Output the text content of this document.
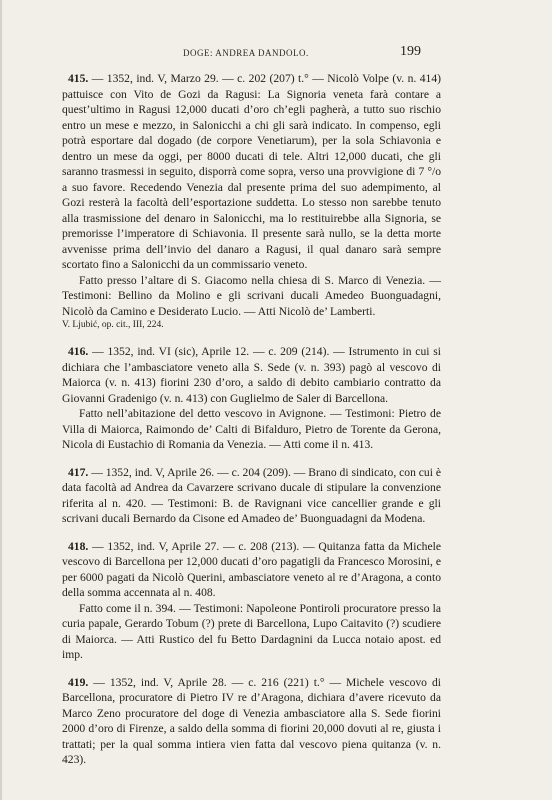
DOGE: ANDREA DANDOLO.	199

415. — 1352, ind. V, Marzo 29. — c. 202 (207) t.° — Nicolò Volpe (v. n. 414) pattuisce con Vito de Gozi da Ragusi: La Signoria veneta farà contare a quest’ultimo in Ragusi 12,000 ducati d’oro ch’egli pagherà, a tutto suo rischio entro un mese e mezzo, in Salonicchi a chi gli sarà indicato. In compenso, egli potrà esportare dal dogado (de corpore Venetiarum), per la sola Schiavonia e dentro un mese da oggi, per 8000 ducati di tele. Altri 12,000 ducati, che gli saranno trasmessi in seguito, disporrà come sopra, verso una provvigione di 7 °/o a suo favore. Recedendo Venezia dal presente prima del suo adempimento, al Gozi resterà la facoltà dell’esportazione suddetta. Lo stesso non sarebbe tenuto alla trasmissione del denaro in Salonicchi, ma lo restituirebbe alla Signoria, se premorisse l’imperatore di Schiavonia. Il presente sarà nullo, se la detta morte avvenisse prima dell’invio del danaro a Ragusi, il qual danaro sarà sempre scortato fino a Salonicchi da un commissario veneto.

Fatto presso l’altare di S. Giacomo nella chiesa di S. Marco di Venezia. — Testimoni: Bellino da Molino e gli scrivani ducali Amedeo Buonguadagni, Nicolò da Camino e Desiderato Lucio. — Atti Nicolò de’ Lamberti.

V. Ljubić, op. cit., III, 224.

416. — 1352, ind. VI (sic), Aprile 12. — c. 209 (214). — Istrumento in cui si dichiara che l’ambasciatore veneto alla S. Sede (v. n. 393) pagò al vescovo di Maiorca (v. n. 413) fiorini 230 d’oro, a saldo di debito cambiario contratto da Giovanni Gradenigo (v. n. 413) con Guglielmo de Saler di Barcellona.

Fatto nell’abitazione del detto vescovo in Avignone. — Testimoni: Pietro de Villa di Maiorca, Raimondo de’ Calti di Bifalduro, Pietro de Torente da Gerona, Nicola di Eustachio di Romania da Venezia. — Atti come il n. 413.

417. — 1352, ind. V, Aprile 26. — c. 204 (209). — Brano di sindicato, con cui è data facoltà ad Andrea da Cavarzere scrivano ducale di stipulare la convenzione riferita al n. 420. — Testimoni: B. de Ravignani vice cancellier grande e gli scrivani ducali Bernardo da Cisone ed Amadeo de’ Buonguadagni da Modena.

418. — 1352, ind. V, Aprile 27. — c. 208 (213). — Quitanza fatta da Michele vescovo di Barcellona per 12,000 ducati d’oro pagatigli da Francesco Morosini, e per 6000 pagati da Nicolò Querini, ambasciatore veneto al re d’Aragona, a conto della somma accennata al n. 408.

Fatto come il n. 394. — Testimoni: Napoleone Pontiroli procuratore presso la curia papale, Gerardo Tobum (?) prete di Barcellona, Lupo Caitavito (?) scudiere di Maiorca. — Atti Rustico del fu Betto Dardagnini da Lucca notaio apost. ed imp.

419. — 1352, ind. V, Aprile 28. — c. 216 (221) t.° — Michele vescovo di Barcellona, procuratore di Pietro IV re d’Aragona, dichiara d’avere ricevuto da Marco Zeno procuratore del doge di Venezia ambasciatore alla S. Sede fiorini 2000 d’oro di Firenze, a saldo della somma di fiorini 20,000 dovuti al re, giusta i trattati; per la qual somma intiera vien fatta dal vescovo piena quitanza (v. n. 423).
